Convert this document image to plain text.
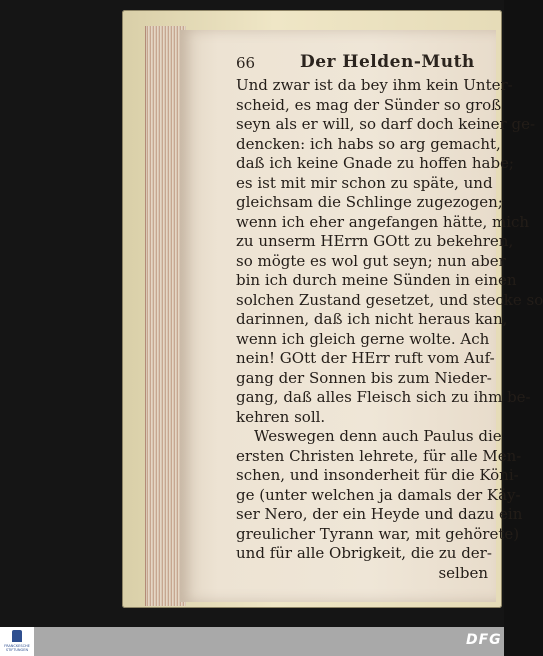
66	Der Helden-Muth
Und zwar ist da bey ihm kein Unter-
scheid, es mag der Sünder so groß
seyn als er will, so darf doch keiner ge-
dencken: ich habs so arg gemacht,
daß ich keine Gnade zu hoffen habe;
es ist mit mir schon zu späte, und
gleichsam die Schlinge zugezogen;
wenn ich eher angefangen hätte, mich
zu unserm HErrn GOtt zu bekehren,
so mögte es wol gut seyn; nun aber
bin ich durch meine Sünden in einen
solchen Zustand gesetzet, und stecke so
darinnen, daß ich nicht heraus kan,
wenn ich gleich gerne wolte. Ach
nein! GOtt der HErr ruft vom Auf-
gang der Sonnen bis zum Nieder-
gang, daß alles Fleisch sich zu ihm be-
kehren soll.
Weswegen denn auch Paulus die
ersten Christen lehrete, für alle Men-
schen, und insonderheit für die Köni-
ge (unter welchen ja damals der Käy-
ser Nero, der ein Heyde und dazu ein
greulicher Tyrann war, mit gehörete)
und für alle Obrigkeit, die zu der-
selben
FRANCKESCHE STIFTUNGEN
DFG
